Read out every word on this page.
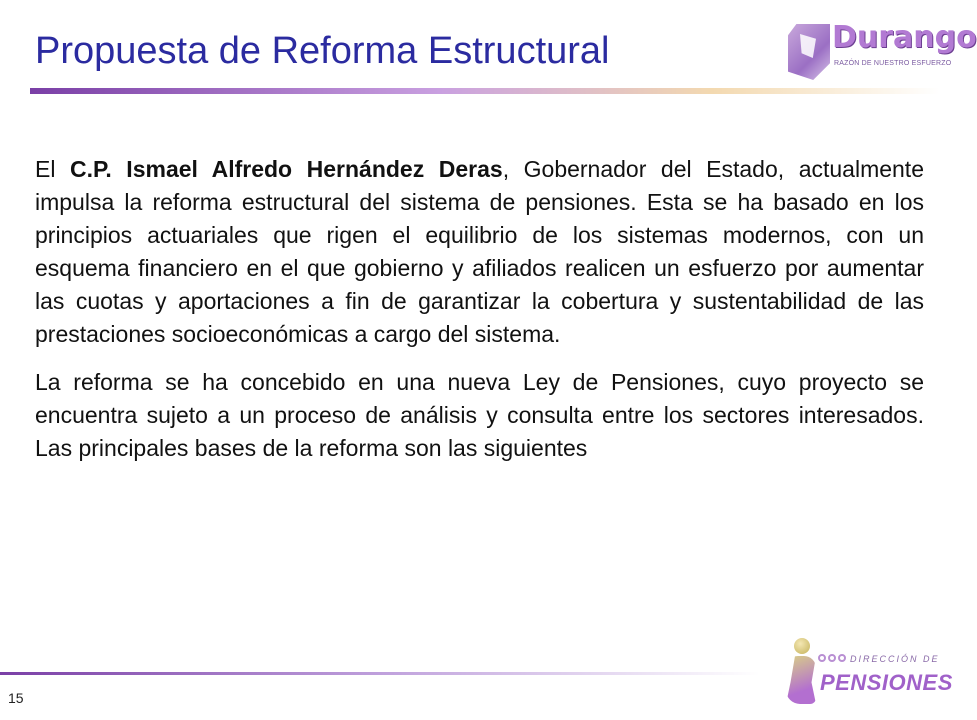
Propuesta de Reforma Estructural	Durango
RAZÓN DE NUESTRO ESFUERZO

El C.P. Ismael Alfredo Hernández Deras, Gobernador del Estado, actualmente impulsa la reforma estructural del sistema de pensiones. Esta se ha basado en los principios actuariales que rigen el equilibrio de los sistemas modernos, con un esquema financiero en el que gobierno y afiliados realicen un esfuerzo por aumentar las cuotas y aportaciones a fin de garantizar la cobertura y sustentabilidad de las prestaciones socioeconómicas a cargo del sistema.

La reforma se ha concebido en una nueva Ley de Pensiones, cuyo proyecto se encuentra sujeto a un proceso de análisis y consulta entre los sectores interesados. Las principales bases de la reforma son las siguientes

15
DIRECCIÓN DE
PENSIONES
